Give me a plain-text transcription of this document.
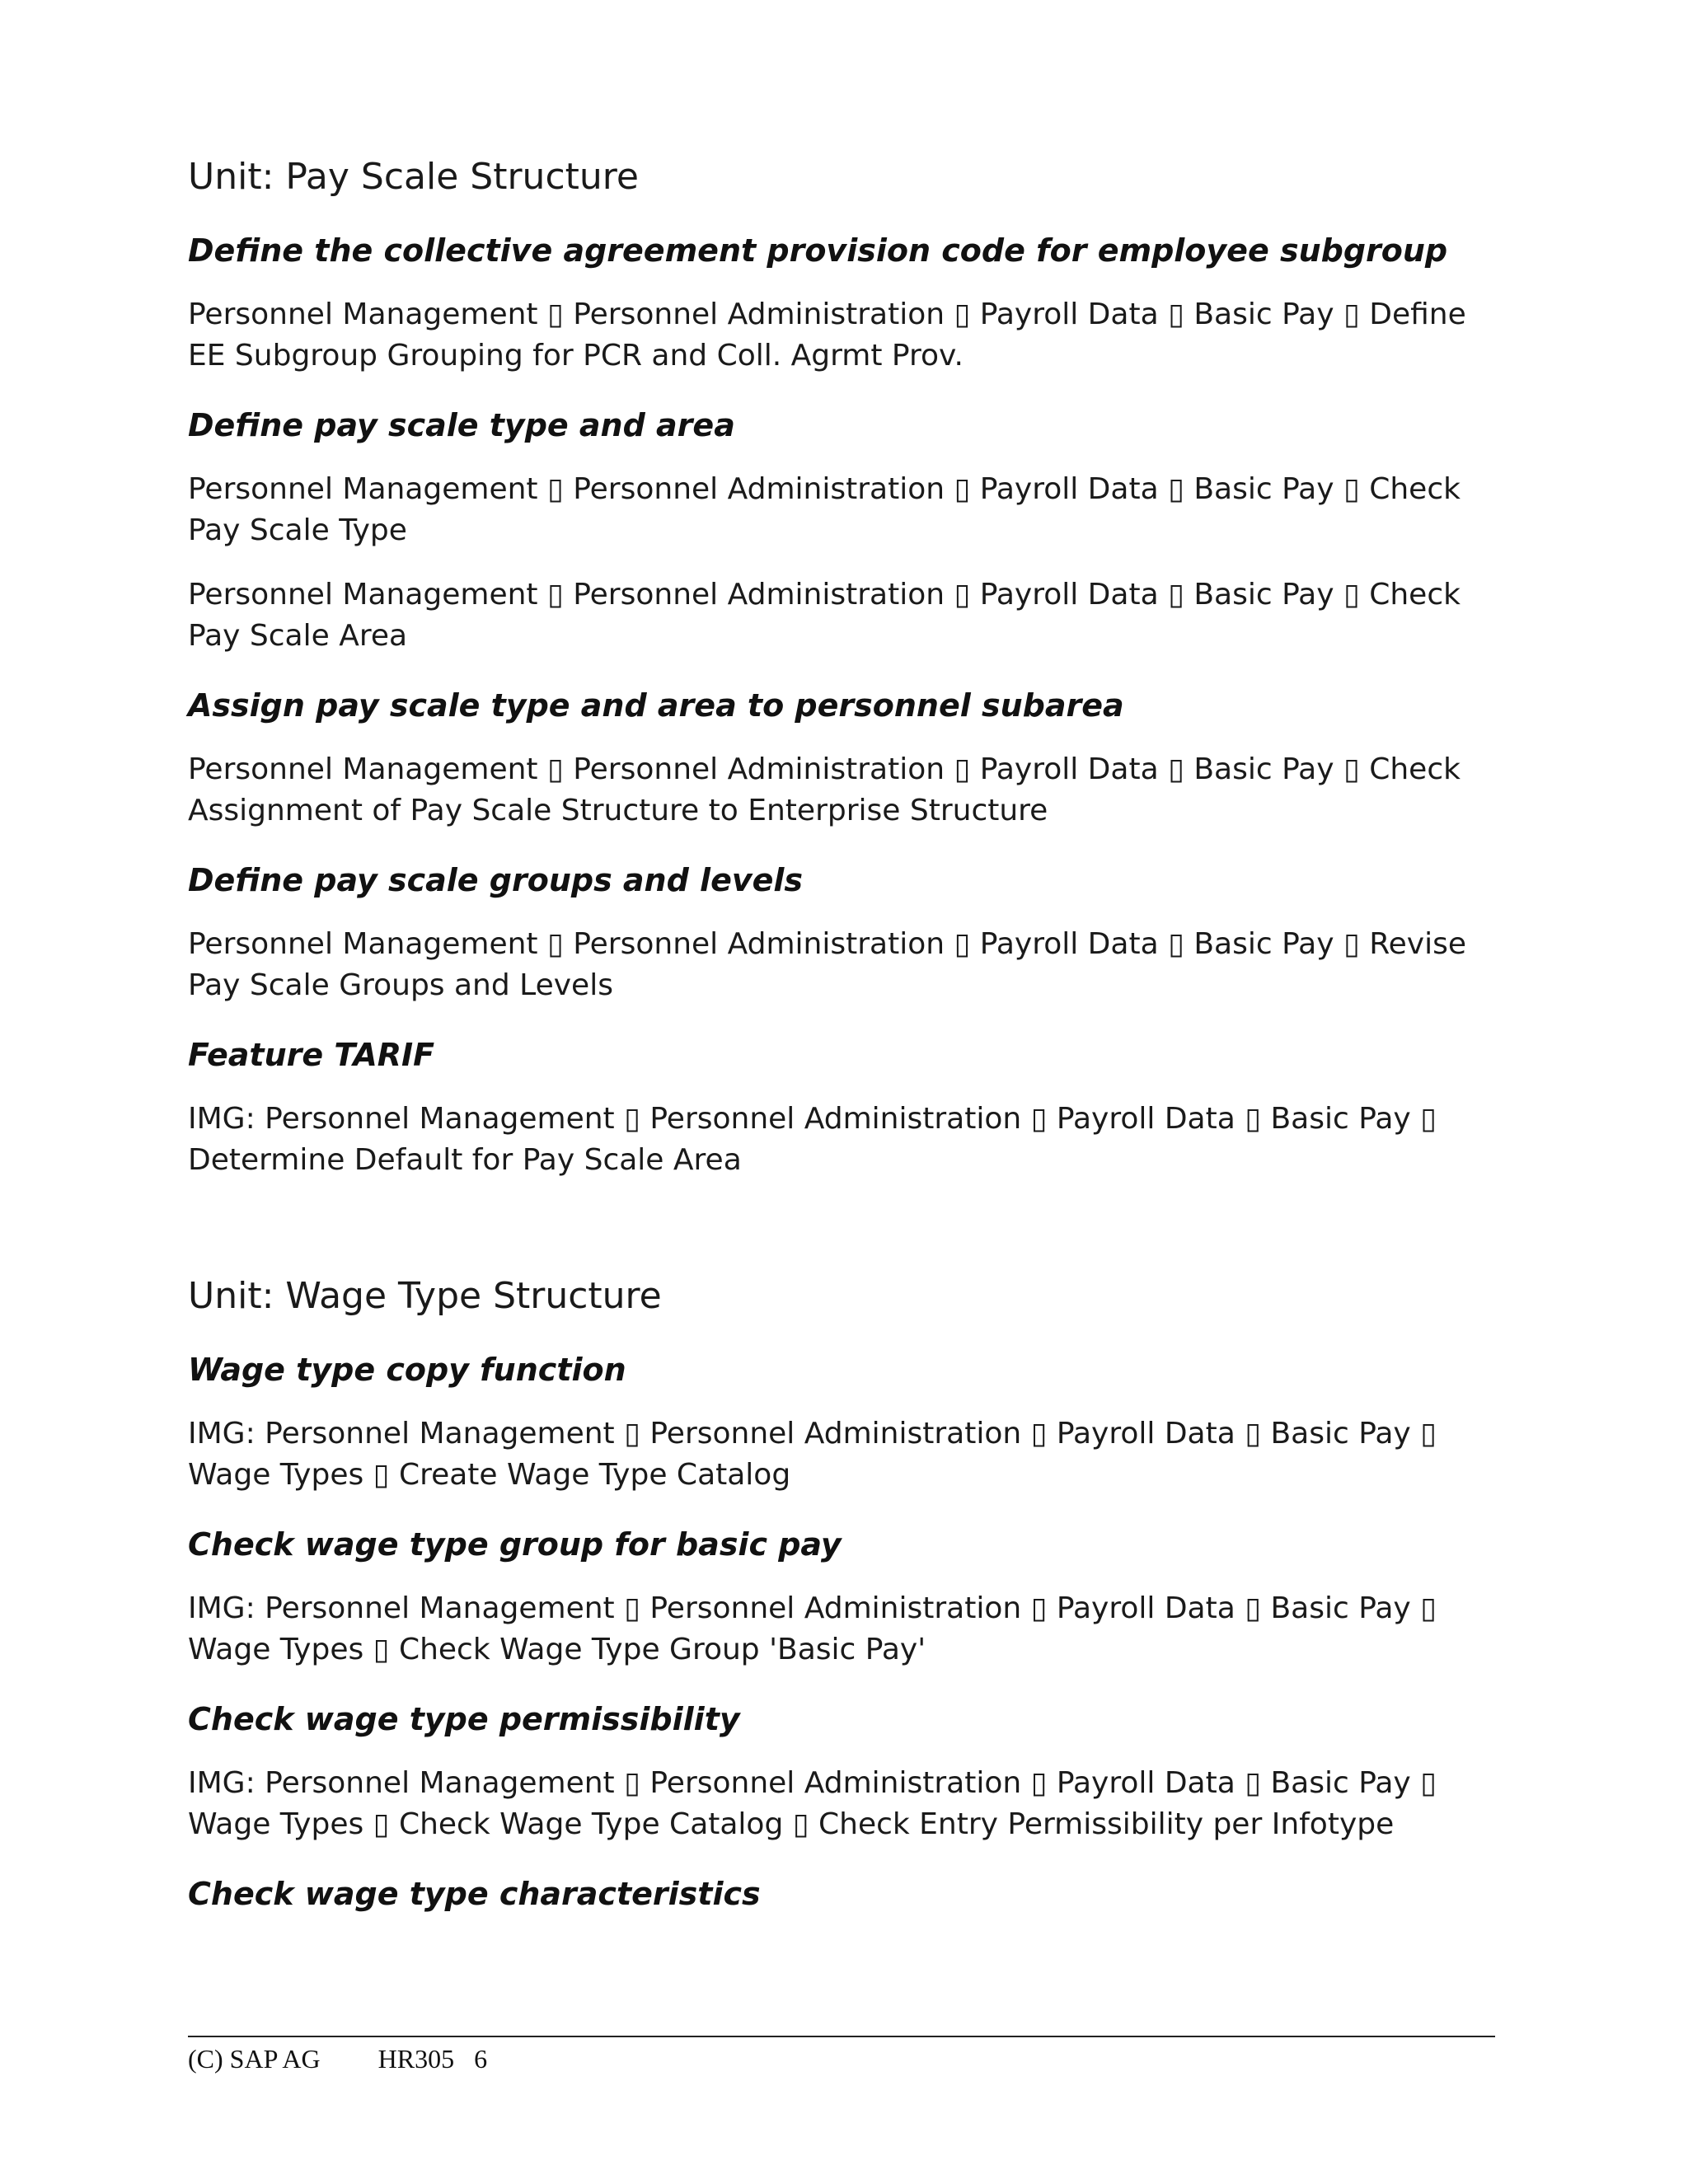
Unit: Pay Scale Structure
Define the collective agreement provision code for employee subgroup

Personnel Management ▯ Personnel Administration ▯ Payroll Data ▯ Basic Pay ▯ Define EE Subgroup Grouping for PCR and Coll. Agrmt Prov.

Define pay scale type and area

Personnel Management ▯ Personnel Administration ▯ Payroll Data ▯ Basic Pay ▯ Check Pay Scale Type

Personnel Management ▯ Personnel Administration ▯ Payroll Data ▯ Basic Pay ▯ Check Pay Scale Area

Assign pay scale type and area to personnel subarea

Personnel Management ▯ Personnel Administration ▯ Payroll Data ▯ Basic Pay ▯ Check Assignment of Pay Scale Structure to Enterprise Structure

Define pay scale groups and levels

Personnel Management ▯ Personnel Administration ▯ Payroll Data ▯ Basic Pay ▯ Revise Pay Scale Groups and Levels

Feature TARIF

IMG: Personnel Management ▯ Personnel Administration ▯ Payroll Data ▯ Basic Pay ▯ Determine Default for Pay Scale Area

Unit: Wage Type Structure
Wage type copy function

IMG: Personnel Management ▯ Personnel Administration ▯ Payroll Data ▯ Basic Pay ▯ Wage Types ▯ Create Wage Type Catalog

Check wage type group for basic pay

IMG: Personnel Management ▯ Personnel Administration ▯ Payroll Data ▯ Basic Pay ▯ Wage Types ▯ Check Wage Type Group 'Basic Pay'

Check wage type permissibility

IMG: Personnel Management ▯ Personnel Administration ▯ Payroll Data ▯ Basic Pay ▯ Wage Types ▯ Check Wage Type Catalog ▯ Check Entry Permissibility per Infotype

Check wage type characteristics
(C) SAP AG HR305 6
